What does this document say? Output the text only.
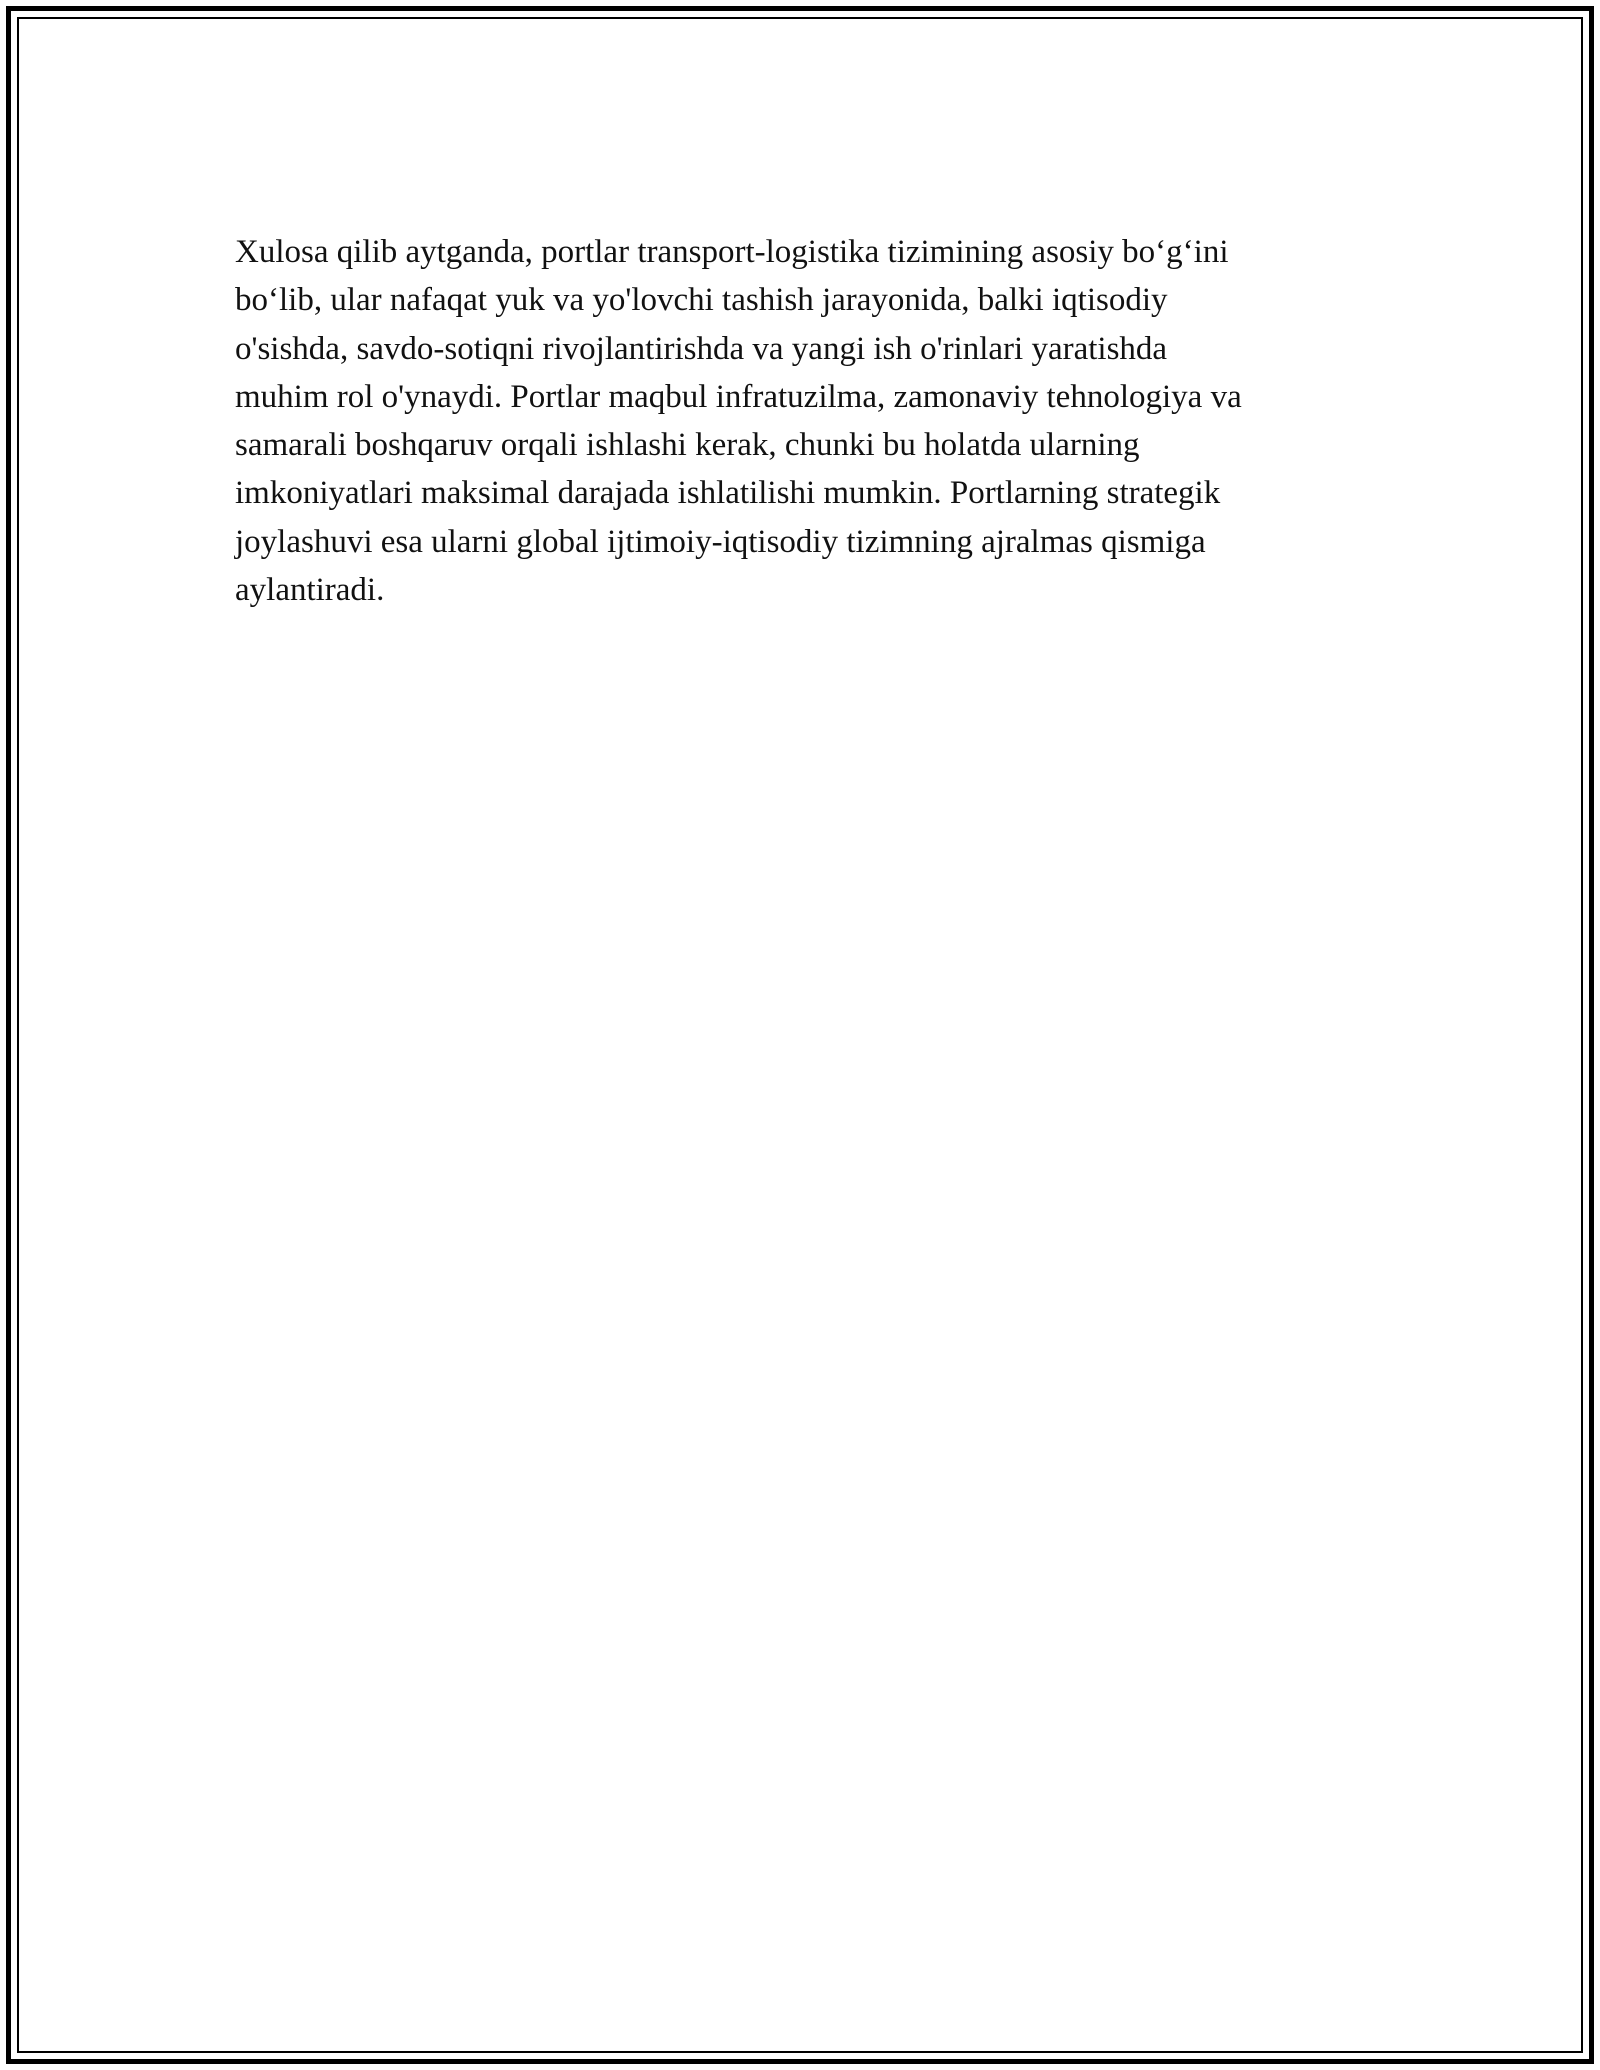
Xulosa qilib aytganda, portlar transport-logistika tizimining asosiy bo‘g‘ini
bo‘lib, ular nafaqat yuk va yo'lovchi tashish jarayonida, balki iqtisodiy
o'sishda, savdo-sotiqni rivojlantirishda va yangi ish o'rinlari yaratishda
muhim rol o'ynaydi. Portlar maqbul infratuzilma, zamonaviy tehnologiya va
samarali boshqaruv orqali ishlashi kerak, chunki bu holatda ularning
imkoniyatlari maksimal darajada ishlatilishi mumkin. Portlarning strategik
joylashuvi esa ularni global ijtimoiy-iqtisodiy tizimning ajralmas qismiga
aylantiradi.
